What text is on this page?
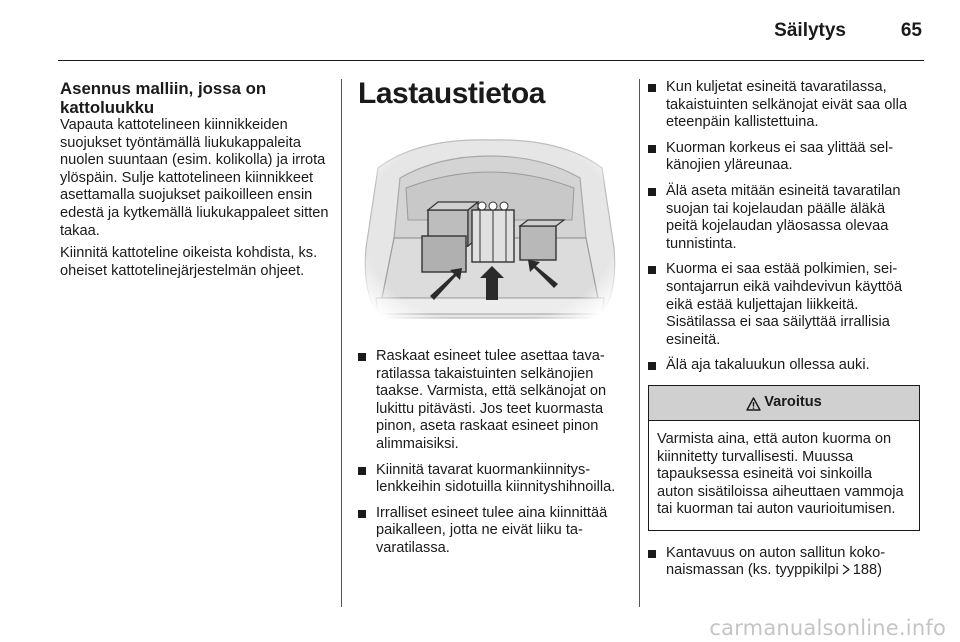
Säilytys	65
Asennus malliin, jossa on kattoluukku
Vapauta kattotelineen kiinnikkeiden suojukset työntämällä liukukappaleita nuolen suuntaan (esim. kolikolla) ja irrota ylöspäin. Sulje kattotelineen kiinnikkeet asettamalla suojukset paikoilleen ensin edestä ja kytkemällä liukukappaleet sitten takaa.
Kiinnitä kattoteline oikeista kohdista, ks. oheiset kattotelinejärjestelmän ohjeet.
Lastaustietoa
Raskaat esineet tulee asettaa tavaratilassa takaistuinten selkänojien taakse. Varmista, että selkänojat on lukittu pitävästi. Jos teet kuormasta pinon, aseta raskaat esineet pinon alimmaisiksi.
Kiinnitä tavarat kuormankiinnityslenkkeihin sidotuilla kiinnityshihnoilla.
Irralliset esineet tulee aina kiinnittää paikalleen, jotta ne eivät liiku tavaratilassa.
Kun kuljetat esineitä tavaratilassa, takaistuinten selkänojat eivät saa olla eteenpäin kallistettuina.
Kuorman korkeus ei saa ylittää selkänojien yläreunaa.
Älä aseta mitään esineitä tavaratilan suojan tai kojelaudan päälle äläkä peitä kojelaudan yläosassa olevaa tunnistinta.
Kuorma ei saa estää polkimien, seisontajarrun eikä vaihdevivun käyttöä eikä estää kuljettajan liikkeitä. Sisätilassa ei saa säilyttää irrallisia esineitä.
Älä aja takaluukun ollessa auki.
Varoitus
Varmista aina, että auton kuorma on kiinnitetty turvallisesti. Muussa tapauksessa esineitä voi sinkoilla auton sisätiloissa aiheuttaen vammoja tai kuorman tai auton vaurioitumisen.
Kantavuus on auton sallitun kokonaismassan (ks. tyyppikilpi 188)
carmanualsonline.info
